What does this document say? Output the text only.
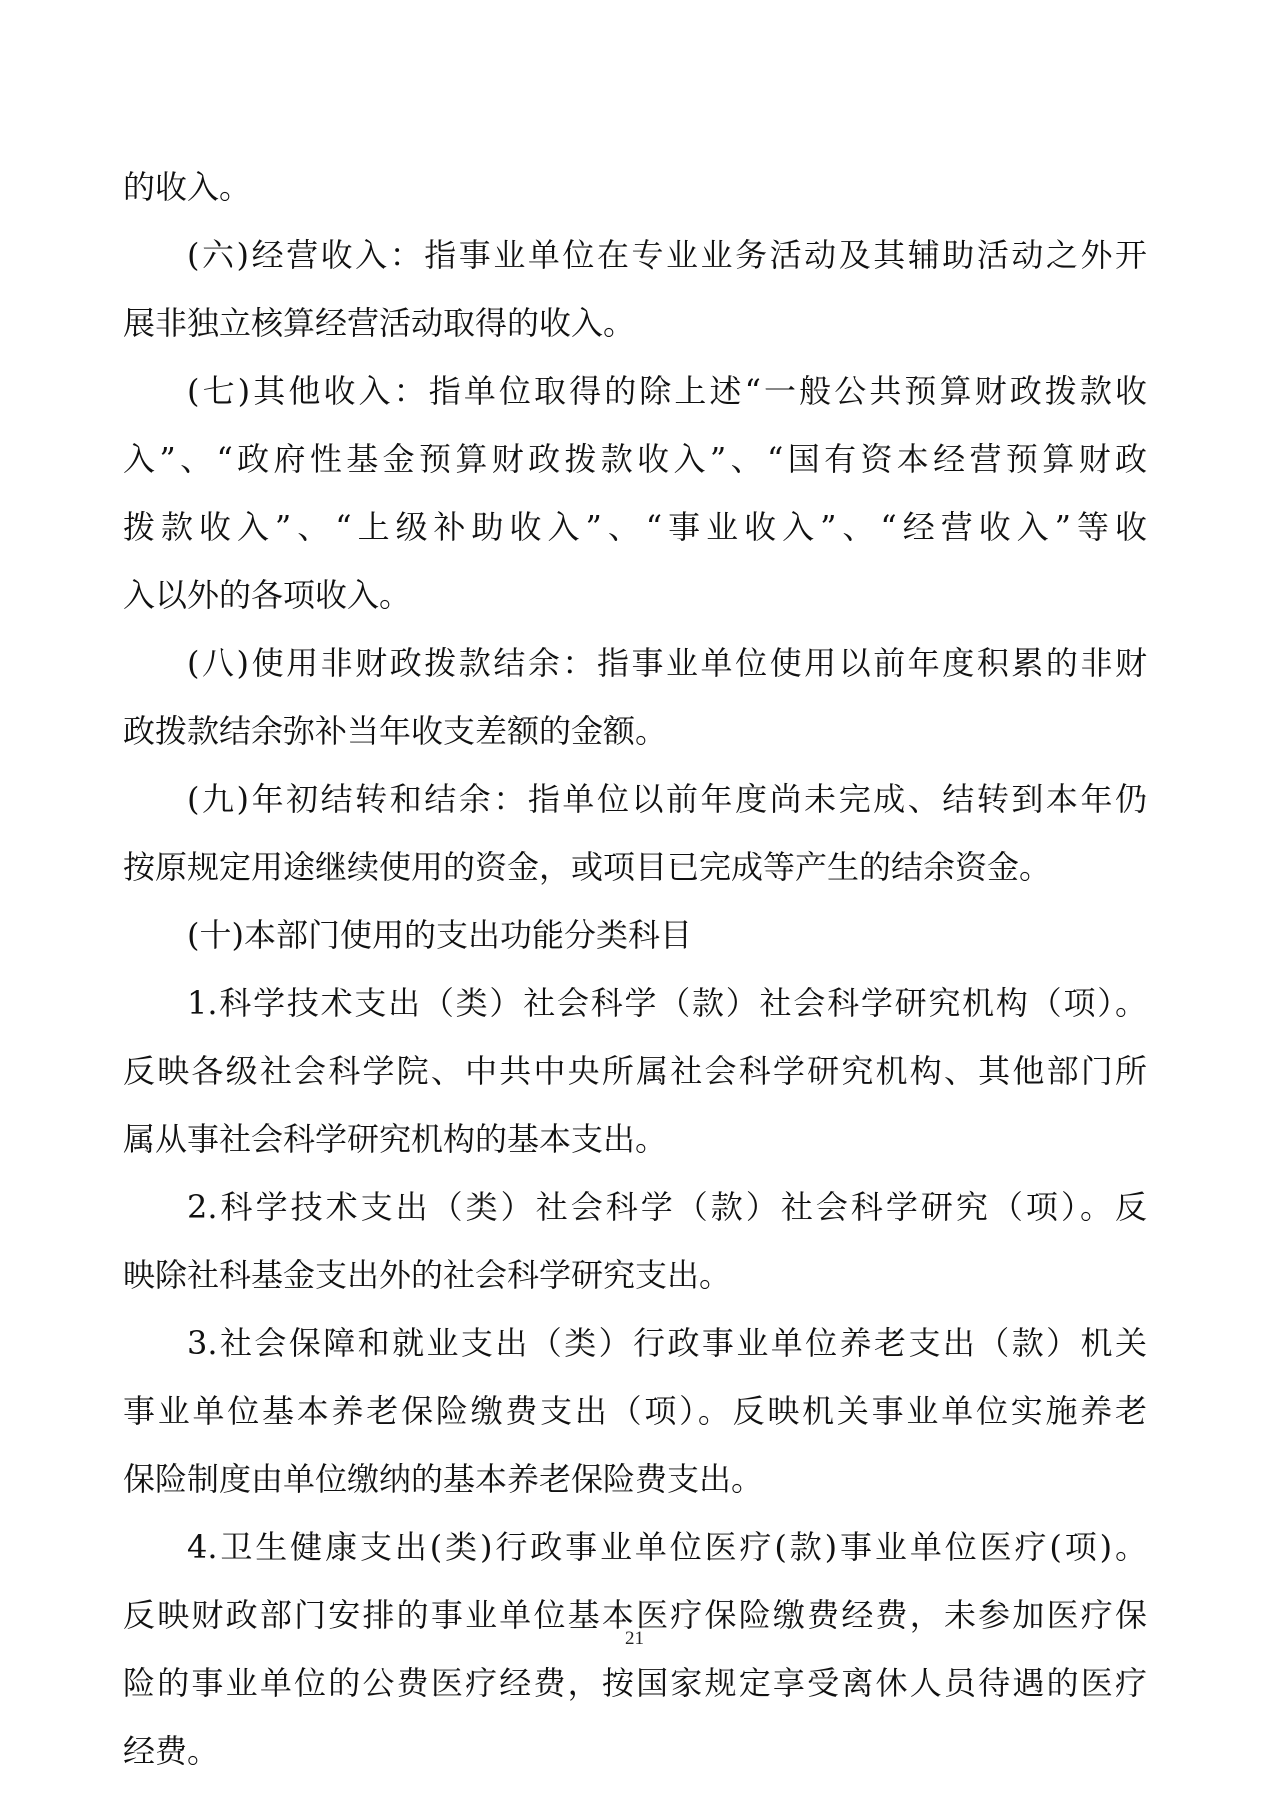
的收入。
(六)经营收入：指事业单位在专业业务活动及其辅助活动之外开
展非独立核算经营活动取得的收入。
(七)其他收入：指单位取得的除上述“一般公共预算财政拨款收
入”、“政府性基金预算财政拨款收入”、“国有资本经营预算财政
拨款收入”、“上级补助收入”、“事业收入”、“经营收入”等收
入以外的各项收入。
(八)使用非财政拨款结余：指事业单位使用以前年度积累的非财
政拨款结余弥补当年收支差额的金额。
(九)年初结转和结余：指单位以前年度尚未完成、结转到本年仍
按原规定用途继续使用的资金，或项目已完成等产生的结余资金。
(十)本部门使用的支出功能分类科目
1.科学技术支出（类）社会科学（款）社会科学研究机构（项）。
反映各级社会科学院、中共中央所属社会科学研究机构、其他部门所
属从事社会科学研究机构的基本支出。
2.科学技术支出（类）社会科学（款）社会科学研究（项）。反
映除社科基金支出外的社会科学研究支出。
3.社会保障和就业支出（类）行政事业单位养老支出（款）机关
事业单位基本养老保险缴费支出（项）。反映机关事业单位实施养老
保险制度由单位缴纳的基本养老保险费支出。
4.卫生健康支出(类)行政事业单位医疗(款)事业单位医疗(项)。
反映财政部门安排的事业单位基本医疗保险缴费经费，未参加医疗保
险的事业单位的公费医疗经费，按国家规定享受离休人员待遇的医疗
经费。
21
